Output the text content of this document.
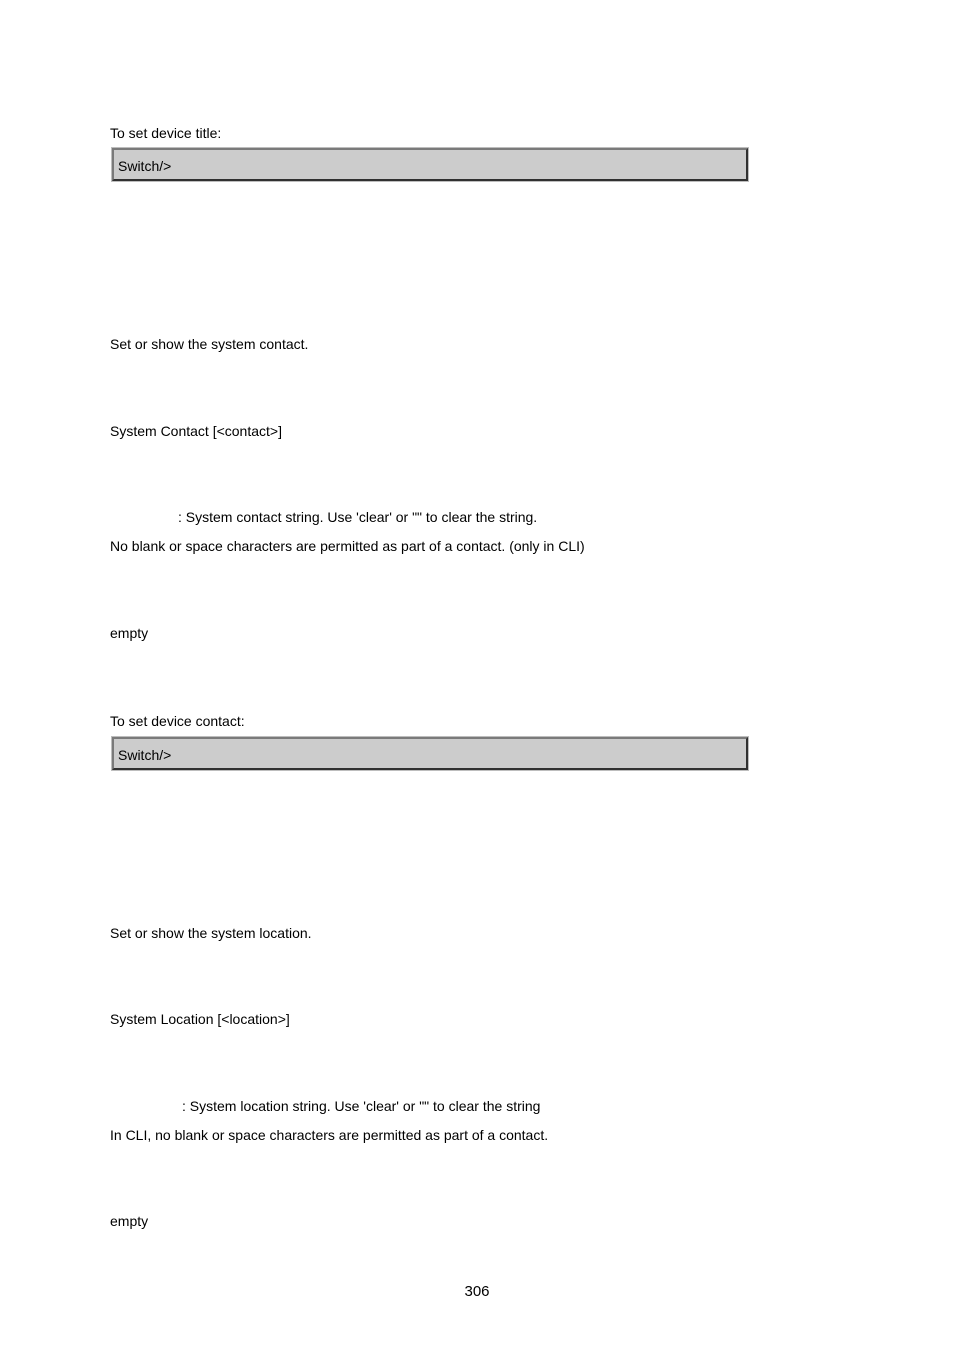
To set device title:
Switch/>
Set or show the system contact.
System Contact [<contact>]
: System contact string. Use 'clear' or "" to clear the string.
No blank or space characters are permitted as part of a contact. (only in CLI)
empty
To set device contact:
Switch/>
Set or show the system location.
System Location [<location>]
: System location string. Use 'clear' or "" to clear the string
In CLI, no blank or space characters are permitted as part of a contact.
empty
306
